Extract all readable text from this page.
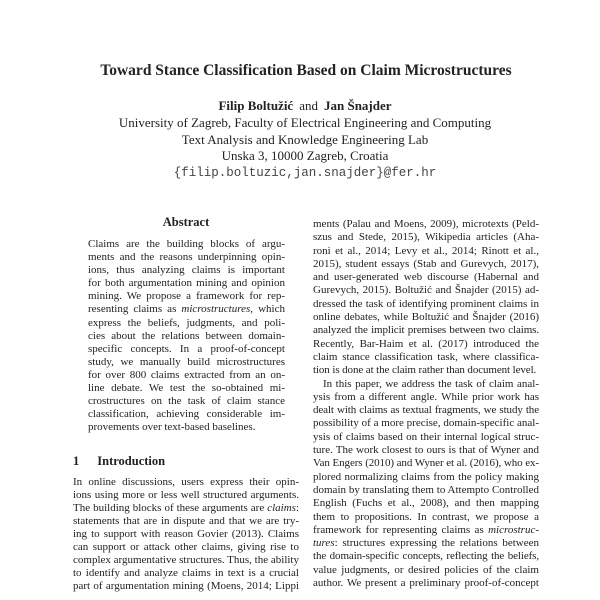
Toward Stance Classification Based on Claim Microstructures
Filip Boltužić and Jan Šnajder
University of Zagreb, Faculty of Electrical Engineering and Computing
Text Analysis and Knowledge Engineering Lab
Unska 3, 10000 Zagreb, Croatia
{filip.boltuzic,jan.snajder}@fer.hr
Abstract
Claims are the building blocks of argu-
ments and the reasons underpinning opin-
ions, thus analyzing claims is important
for both argumentation mining and opinion
mining. We propose a framework for rep-
resenting claims as microstructures, which
express the beliefs, judgments, and poli-
cies about the relations between domain-
specific concepts. In a proof-of-concept
study, we manually build microstructures
for over 800 claims extracted from an on-
line debate. We test the so-obtained mi-
crostructures on the task of claim stance
classification, achieving considerable im-
provements over text-based baselines.
1 Introduction
In online discussions, users express their opin-
ions using more or less well structured arguments.
The building blocks of these arguments are claims:
statements that are in dispute and that we are try-
ing to support with reason Govier (2013). Claims
can support or attack other claims, giving rise to
complex argumentative structures. Thus, the ability
to identify and analyze claims in text is a crucial
part of argumentation mining (Moens, 2014; Lippi
ments (Palau and Moens, 2009), microtexts (Peld-
szus and Stede, 2015), Wikipedia articles (Aha-
roni et al., 2014; Levy et al., 2014; Rinott et al.,
2015), student essays (Stab and Gurevych, 2017),
and user-generated web discourse (Habernal and
Gurevych, 2015). Boltužić and Šnajder (2015) ad-
dressed the task of identifying prominent claims in
online debates, while Boltužić and Šnajder (2016)
analyzed the implicit premises between two claims.
Recently, Bar-Haim et al. (2017) introduced the
claim stance classification task, where classifica-
tion is done at the claim rather than document level.
In this paper, we address the task of claim anal-
ysis from a different angle. While prior work has
dealt with claims as textual fragments, we study the
possibility of a more precise, domain-specific anal-
ysis of claims based on their internal logical struc-
ture. The work closest to ours is that of Wyner and
Van Engers (2010) and Wyner et al. (2016), who ex-
plored normalizing claims from the policy making
domain by translating them to Attempto Controlled
English (Fuchs et al., 2008), and then mapping
them to propositions. In contrast, we propose a
framework for representing claims as microstruc-
tures: structures expressing the relations between
the domain-specific concepts, reflecting the beliefs,
value judgments, or desired policies of the claim
author. We present a preliminary proof-of-concept
